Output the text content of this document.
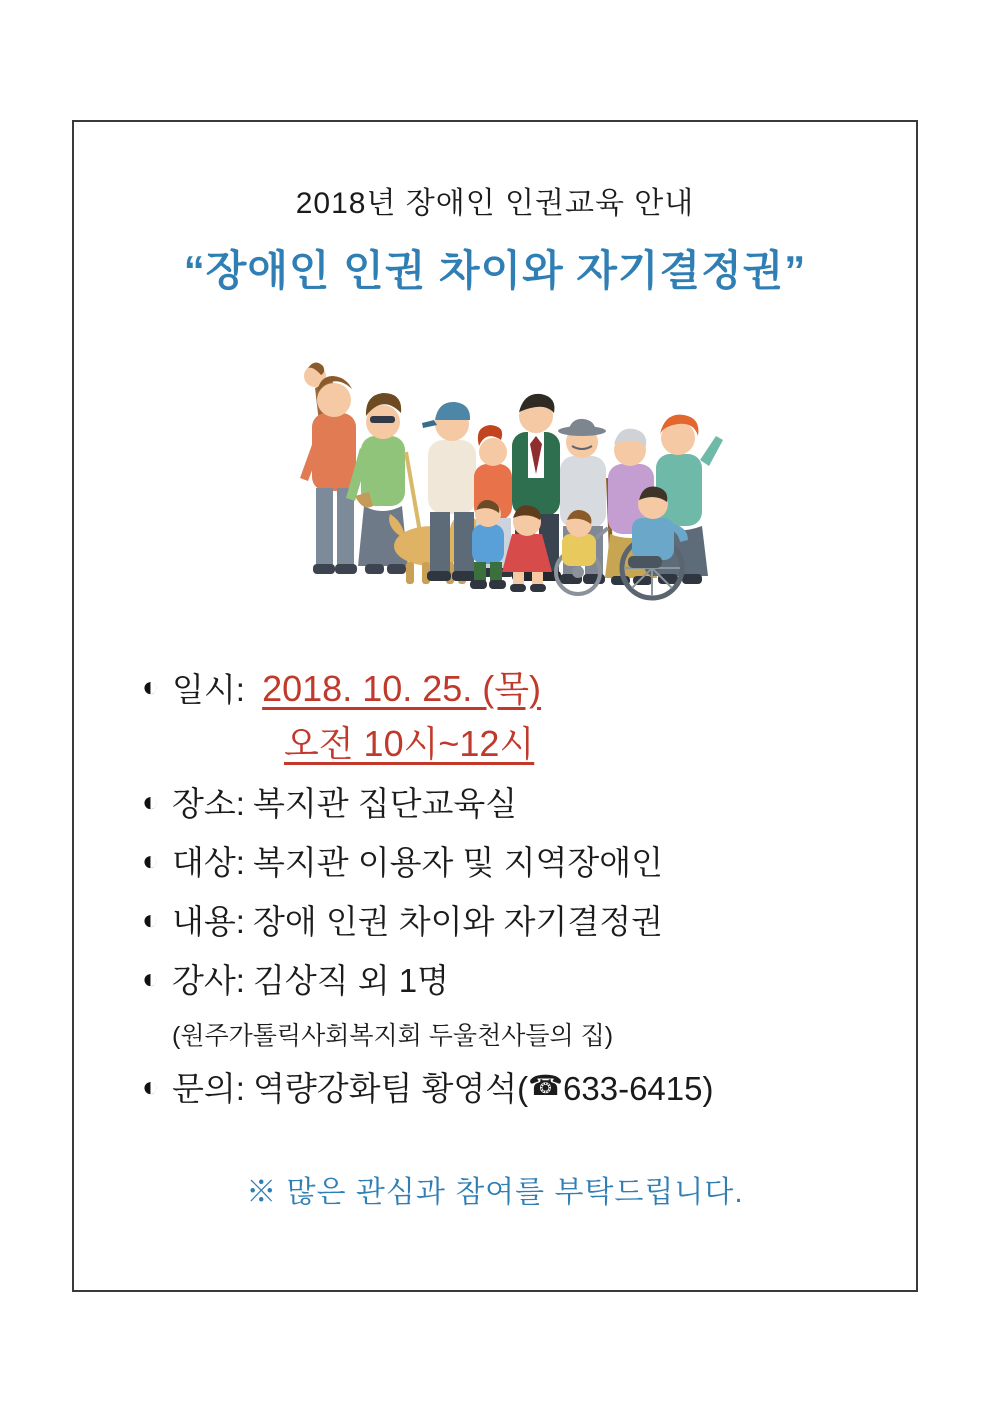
2018년 장애인 인권교육 안내
“장애인 인권 차이와 자기결정권”
◐ 일시: 2018. 10. 25. (목)
오전 10시~12시
◐ 장소: 복지관 집단교육실
◐ 대상: 복지관 이용자 및 지역장애인
◐ 내용: 장애 인권 차이와 자기결정권
◐ 강사: 김상직 외 1명
(원주가톨릭사회복지회 두울천사들의 집)
◐ 문의: 역량강화팀 황영석( ☎ 633-6415)
※ 많은 관심과 참여를 부탁드립니다.
